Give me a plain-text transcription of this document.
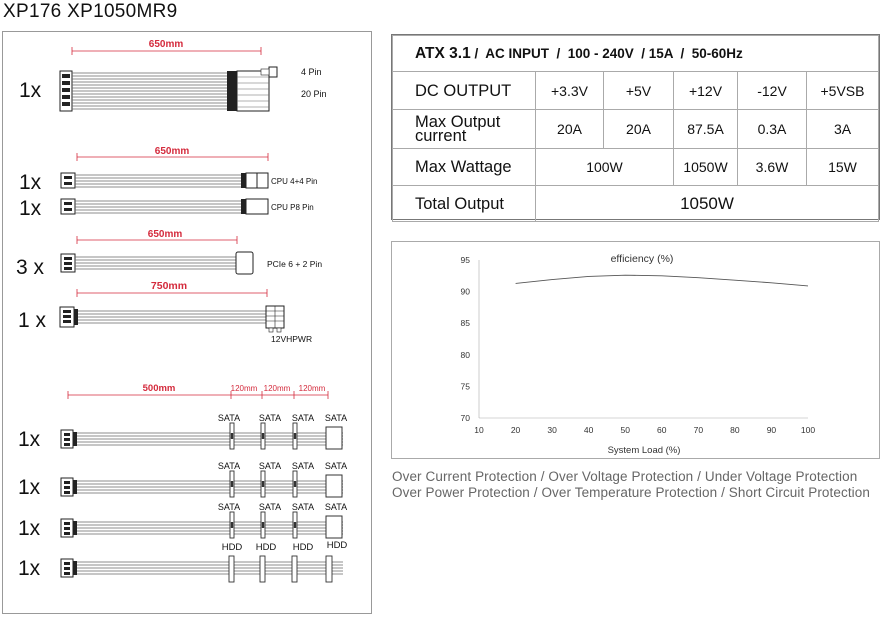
XP176 XP1050MR9
650mm
1x
4 Pin
20 Pin
650mm
1x
1x
CPU 4+4 Pin
CPU P8 Pin
650mm
3 x	PCIe 6 + 2 Pin
750mm
1 x
12VHPWR
500mm	120mm 120mm 120mm
1x
SATA SATA SATA SATA
1x
SATA SATA SATA SATA
1x
SATA SATA SATA SATA
1x
HDD HDD HDD HDD
ATX 3.1 /  AC INPUT  /  100 - 240V  / 15A  /  50-60Hz					
DC OUTPUT	+3.3V	+5V	+12V	-12V	+5VSB
Max Output
current	20A	20A	87.5A	0.3A	3A
Max Wattage	100W		1050W	3.6W	15W
Total Output	1050W				
efficiency (%)
System Load (%)
10	20	30	40	50	60	70	80	90	100
70
75
80
85
90
95
Over Current Protection / Over Voltage Protection / Under Voltage Protection
Over Power Protection / Over Temperature Protection / Short Circuit Protection
